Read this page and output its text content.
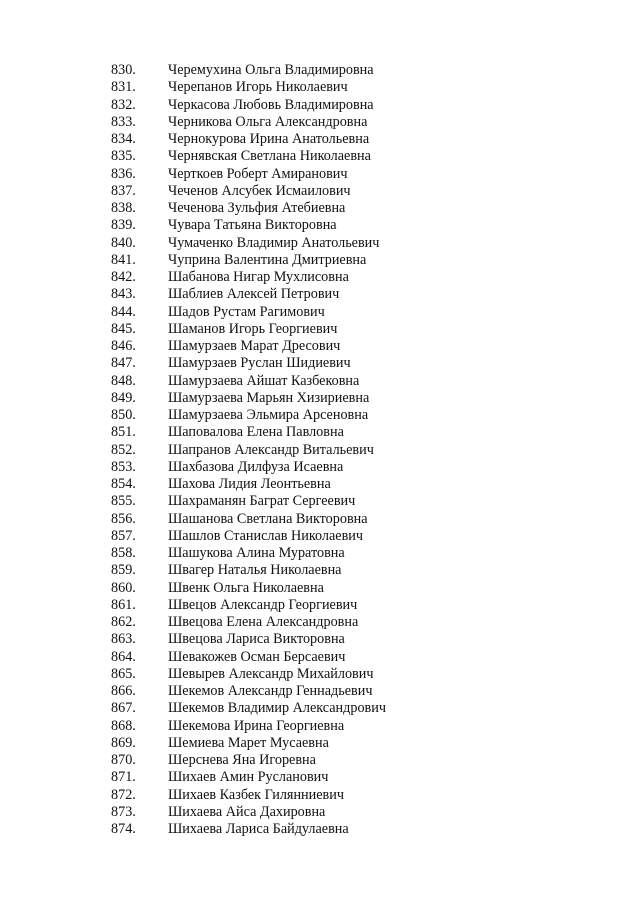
830. Черемухина Ольга Владимировна
831. Черепанов Игорь Николаевич
832. Черкасова Любовь Владимировна
833. Черникова Ольга Александровна
834. Чернокурова Ирина Анатольевна
835. Чернявская Светлана Николаевна
836. Черткоев Роберт Амиранович
837. Чеченов Алсубек Исмаилович
838. Чеченова Зульфия Атебиевна
839. Чувара Татьяна Викторовна
840. Чумаченко Владимир Анатольевич
841. Чуприна Валентина Дмитриевна
842. Шабанова Нигар Мухлисовна
843. Шаблиев Алексей Петрович
844. Шадов Рустам Рагимович
845. Шаманов Игорь Георгиевич
846. Шамурзаев Марат Дресович
847. Шамурзаев Руслан Шидиевич
848. Шамурзаева Айшат Казбековна
849. Шамурзаева Марьян Хизириевна
850. Шамурзаева Эльмира Арсеновна
851. Шаповалова Елена Павловна
852. Шапранов Александр Витальевич
853. Шахбазова Дилфуза Исаевна
854. Шахова Лидия Леонтьевна
855. Шахраманян Баграт Сергеевич
856. Шашанова Светлана Викторовна
857. Шашлов Станислав Николаевич
858. Шашукова Алина Муратовна
859. Швагер Наталья Николаевна
860. Швенк Ольга Николаевна
861. Швецов Александр Георгиевич
862. Швецова Елена Александровна
863. Швецова Лариса Викторовна
864. Шевакожев Осман Берсаевич
865. Шевырев Александр Михайлович
866. Шекемов Александр Геннадьевич
867. Шекемов Владимир Александрович
868. Шекемова Ирина Георгиевна
869. Шемиева Марет Мусаевна
870. Шерснева Яна Игоревна
871. Шихаев Амин Русланович
872. Шихаев Казбек Гилянниевич
873. Шихаева Айса Дахировна
874. Шихаева Лариса Байдулаевна
